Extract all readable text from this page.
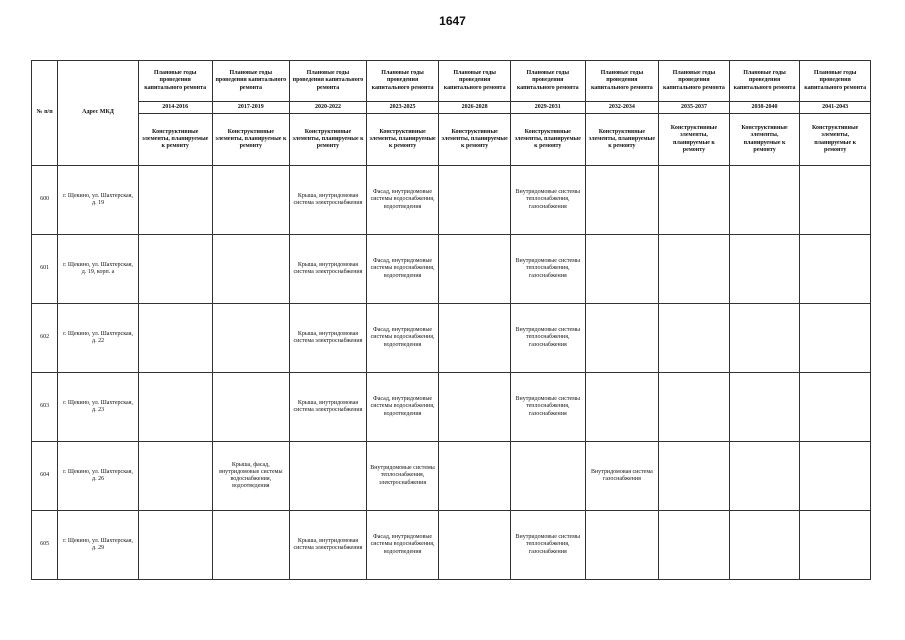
1647
№ п/п	Адрес МКД	Плановые годы проведения капитального ремонта	Плановые годы проведения капитального ремонта	Плановые годы проведения капитального ремонта	Плановые годы проведения капитального ремонта	Плановые годы проведения капитального ремонта	Плановые годы проведения капитального ремонта	Плановые годы проведения капитального ремонта	Плановые годы проведения капитального ремонта	Плановые годы проведения капитального ремонта	Плановые годы проведения капитального ремонта
		2014-2016	2017-2019	2020-2022	2023-2025	2026-2028	2029-2031	2032-2034	2035-2037	2038-2040	2041-2043
		Конструктивные элементы, планируемые к ремонту	Конструктивные элементы, планируемые к ремонту	Конструктивные элементы, планируемые к ремонту	Конструктивные элементы, планируемые к ремонту	Конструктивные элементы, планируемые к ремонту	Конструктивные элементы, планируемые к ремонту	Конструктивные элементы, планируемые к ремонту	Конструктивные элементы, планируемые к ремонту	Конструктивные элементы, планируемые к ремонту	Конструктивные элементы, планируемые к ремонту
600	г. Щекино, ул. Шахтерская, д. 19			Крыша, внутридомовая система электроснабжения	Фасад, внутридомовые системы водоснабжения, водоотведения		Внутридомовые системы теплоснабжения, газоснабжения				
601	г. Щекино, ул. Шахтерская, д. 19, корп. а			Крыша, внутридомовая система электроснабжения	Фасад, внутридомовые системы водоснабжения, водоотведения		Внутридомовые системы теплоснабжения, газоснабжения				
602	г. Щекино, ул. Шахтерская, д. 22			Крыша, внутридомовая система электроснабжения	Фасад, внутридомовые системы водоснабжения, водоотведения		Внутридомовые системы теплоснабжения, газоснабжения				
603	г. Щекино, ул. Шахтерская, д. 23			Крыша, внутридомовая система электроснабжения	Фасад, внутридомовые системы водоснабжения, водоотведения		Внутридомовые системы теплоснабжения, газоснабжения				
604	г. Щекино, ул. Шахтерская, д. 26		Крыша, фасад, внутридомовые системы водоснабжения, водоотведения		Внутридомовые системы теплоснабжения, электроснабжения			Внутридомовая система газоснабжения			
605	г. Щекино, ул. Шахтерская, д. 29			Крыша, внутридомовая система электроснабжения	Фасад, внутридомовые системы водоснабжения, водоотведения		Внутридомовые системы теплоснабжения, газоснабжения				
